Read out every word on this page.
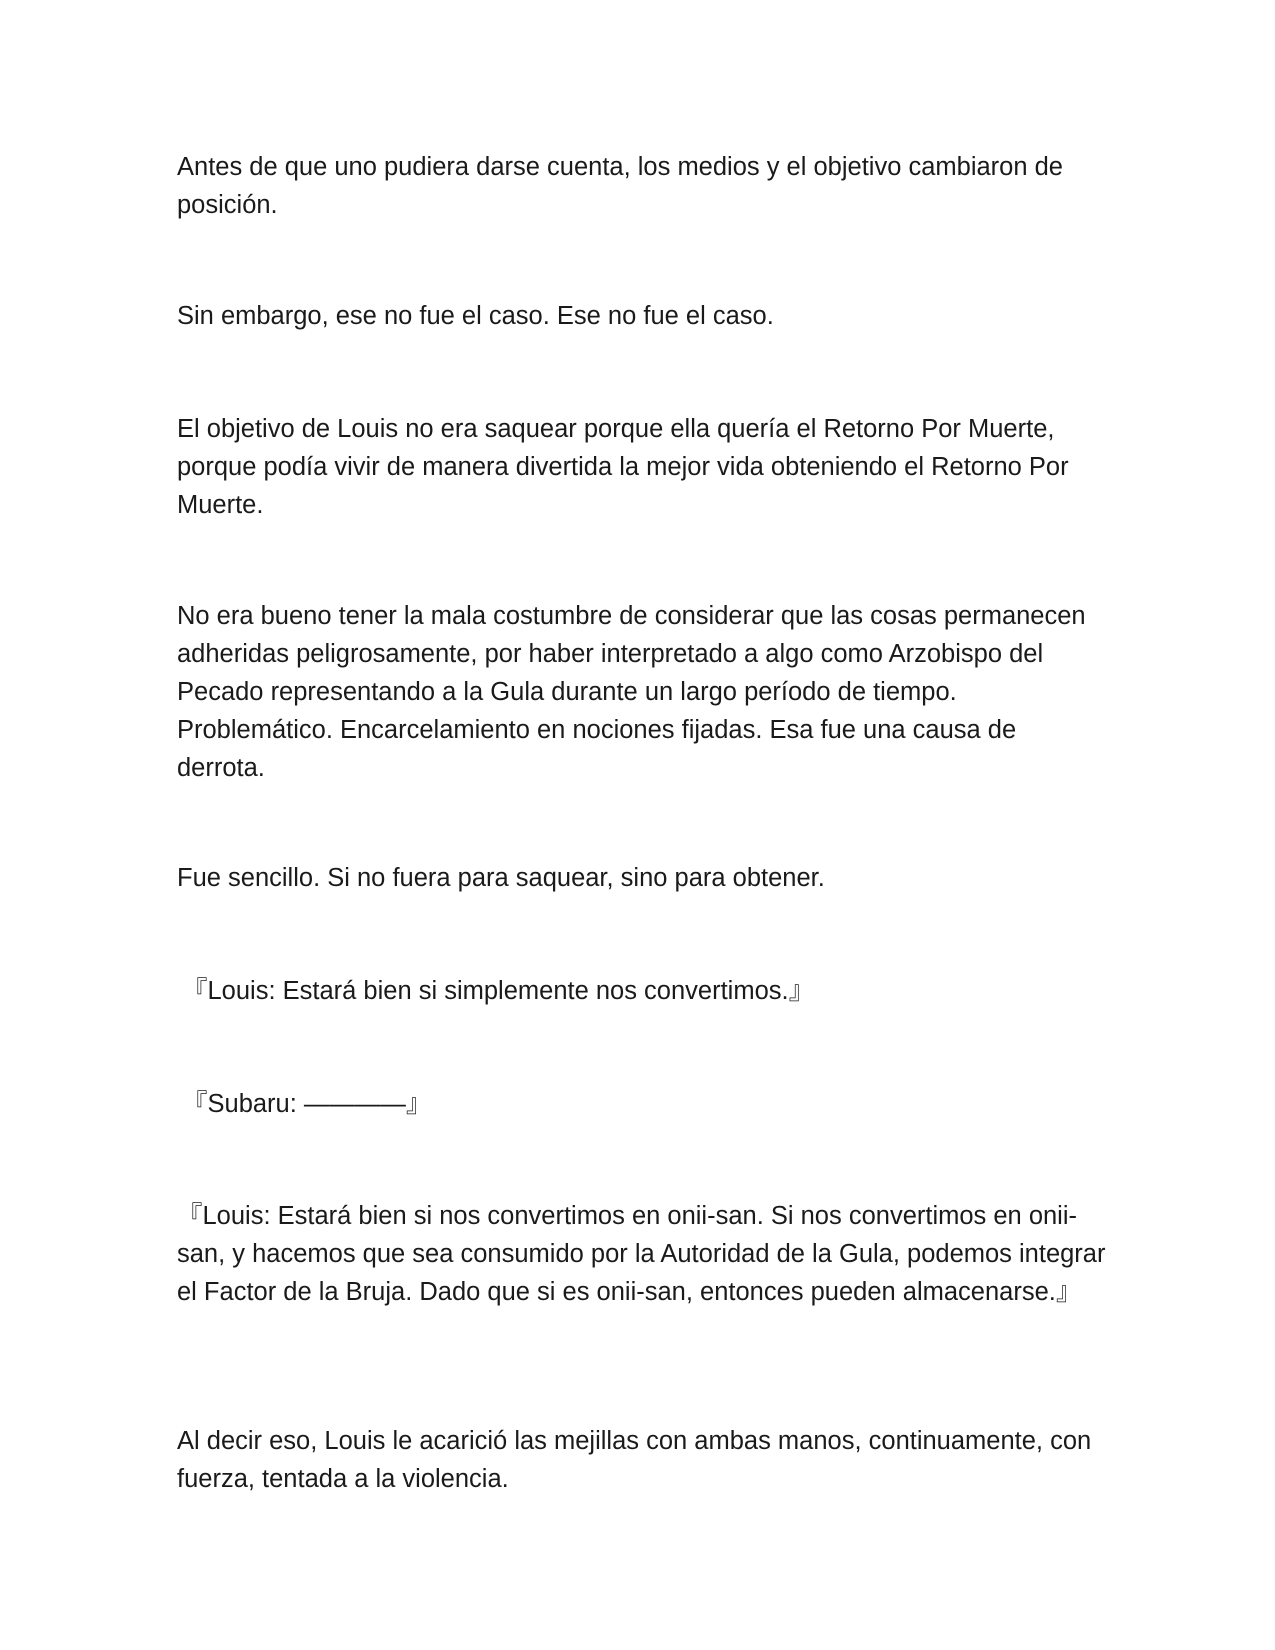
Antes de que uno pudiera darse cuenta, los medios y el objetivo cambiaron de posición.

Sin embargo, ese no fue el caso. Ese no fue el caso.

El objetivo de Louis no era saquear porque ella quería el Retorno Por Muerte, porque podía vivir de manera divertida la mejor vida obteniendo el Retorno Por Muerte.

No era bueno tener la mala costumbre de considerar que las cosas permanecen adheridas peligrosamente, por haber interpretado a algo como Arzobispo del Pecado representando a la Gula durante un largo período de tiempo. Problemático. Encarcelamiento en nociones fijadas. Esa fue una causa de derrota.

Fue sencillo. Si no fuera para saquear, sino para obtener.

『Louis: Estará bien si simplemente nos convertimos.』

『Subaru: ————』

『Louis: Estará bien si nos convertimos en onii-san. Si nos convertimos en onii-san, y hacemos que sea consumido por la Autoridad de la Gula, podemos integrar el Factor de la Bruja. Dado que si es onii-san, entonces pueden almacenarse.』

Al decir eso, Louis le acarició las mejillas con ambas manos, continuamente, con fuerza, tentada a la violencia.
